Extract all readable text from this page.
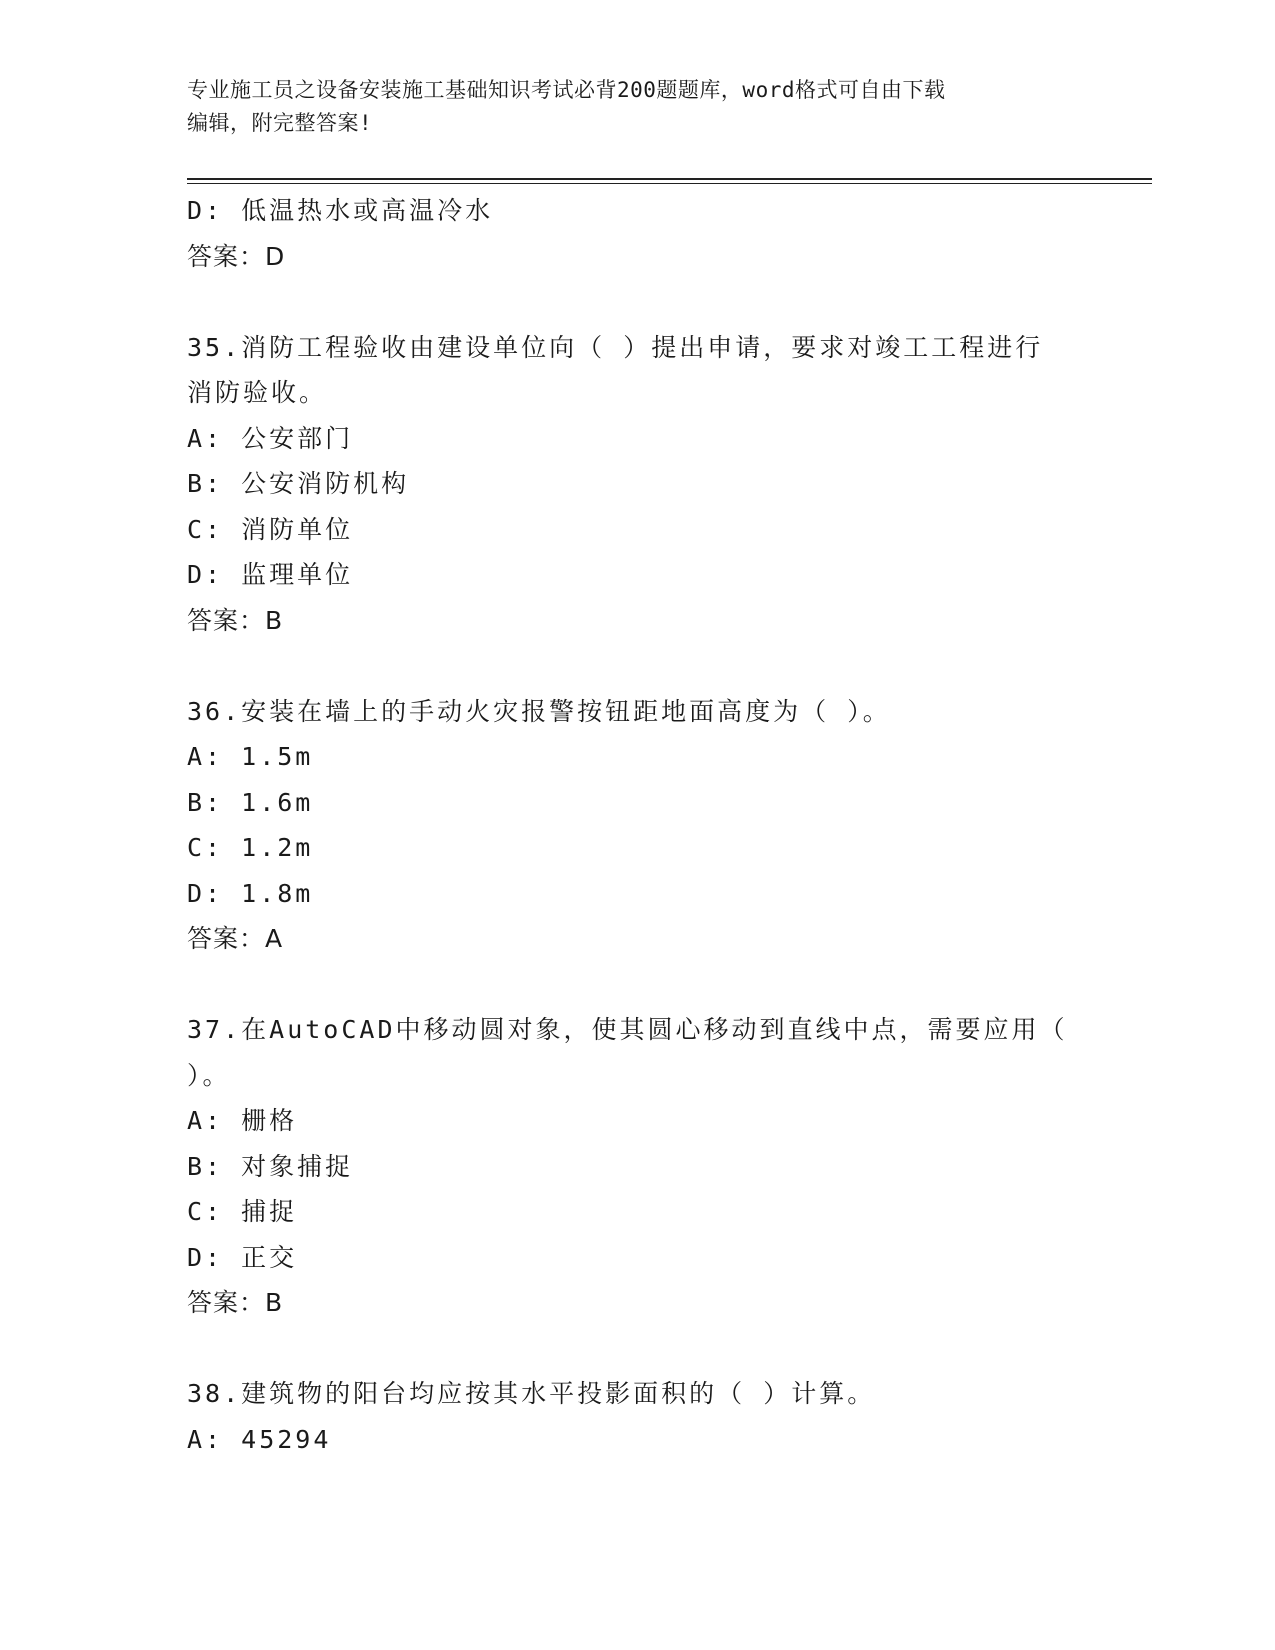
专业施工员之设备安装施工基础知识考试必背200题题库，word格式可自由下载
编辑，附完整答案!
D: 低温热水或高温冷水
答案：D
35.消防工程验收由建设单位向（ ）提出申请，要求对竣工工程进行
消防验收。
A: 公安部门
B: 公安消防机构
C: 消防单位
D: 监理单位
答案：B
36.安装在墙上的手动火灾报警按钮距地面高度为（ ）。
A: 1.5m
B: 1.6m
C: 1.2m
D: 1.8m
答案：A
37.在AutoCAD中移动圆对象，使其圆心移动到直线中点，需要应用（
）。
A: 栅格
B: 对象捕捉
C: 捕捉
D: 正交
答案：B
38.建筑物的阳台均应按其水平投影面积的（ ）计算。
A: 45294
